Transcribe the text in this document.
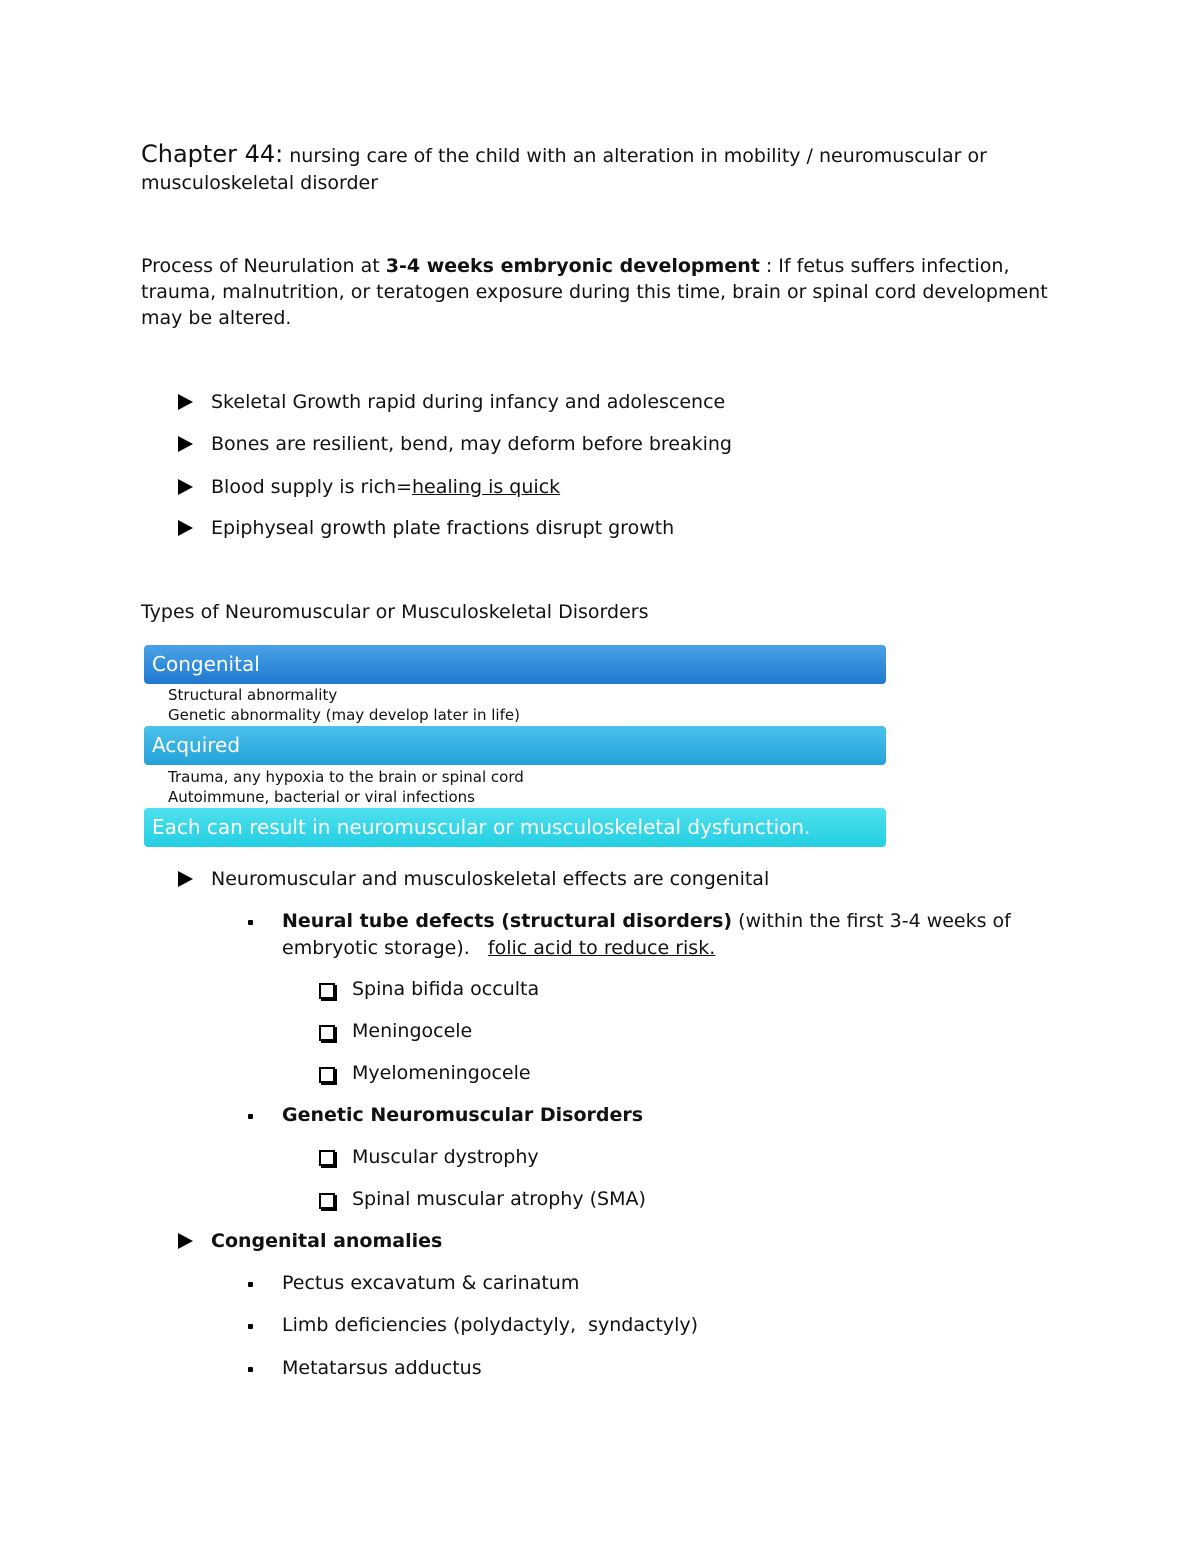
Chapter 44: nursing care of the child with an alteration in mobility / neuromuscular or musculoskeletal disorder
Process of Neurulation at 3-4 weeks embryonic development : If fetus suffers infection, trauma, malnutrition, or teratogen exposure during this time, brain or spinal cord development may be altered.
Skeletal Growth rapid during infancy and adolescence
Bones are resilient, bend, may deform before breaking
Blood supply is rich=healing is quick
Epiphyseal growth plate fractions disrupt growth
Types of Neuromuscular or Musculoskeletal Disorders
Congenital
Structural abnormality
Genetic abnormality (may develop later in life)
Acquired
Trauma, any hypoxia to the brain or spinal cord
Autoimmune, bacterial or viral infections
Each can result in neuromuscular or musculoskeletal dysfunction.
Neuromuscular and musculoskeletal effects are congenital
Neural tube defects (structural disorders) (within the first 3-4 weeks of embryotic storage).   folic acid to reduce risk.
Spina bifida occulta
Meningocele
Myelomeningocele
Genetic Neuromuscular Disorders
Muscular dystrophy
Spinal muscular atrophy (SMA)
Congenital anomalies
Pectus excavatum & carinatum
Limb deficiencies (polydactyly,  syndactyly)
Metatarsus adductus
